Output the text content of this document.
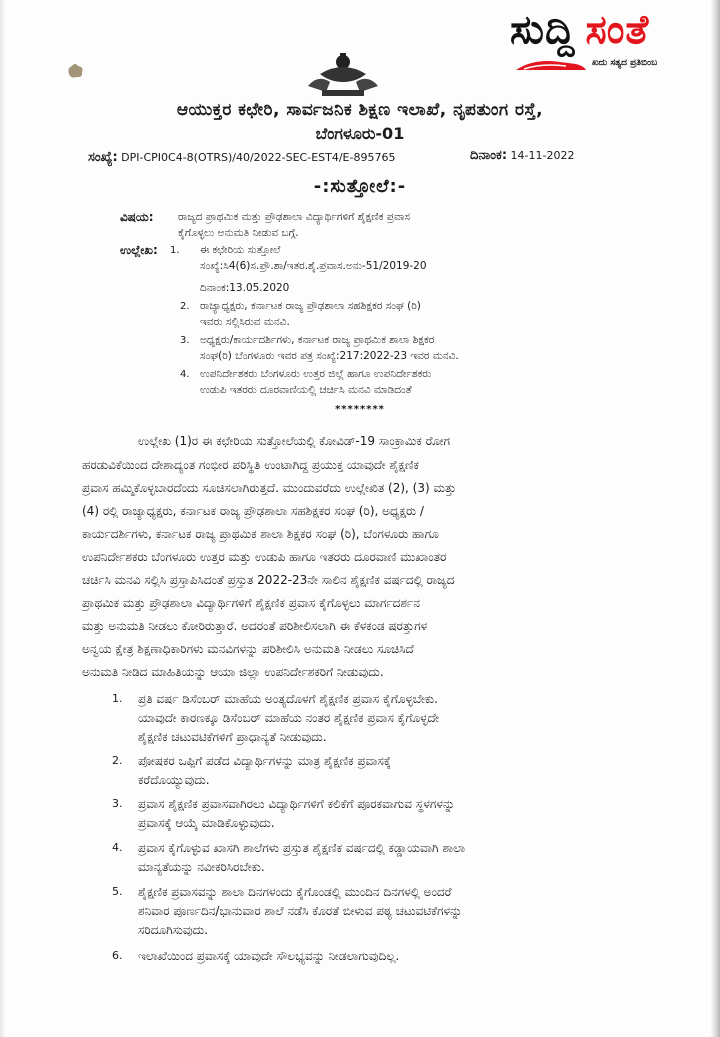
ಸುದ್ದಿ ಸಂತೆ
ಖದು ಸತ್ಯದ ಪ್ರತಿಬಿಂಬ
ಆಯುಕ್ತರ ಕಛೇರಿ, ಸಾರ್ವಜನಿಕ ಶಿಕ್ಷಣ ಇಲಾಖೆ, ನೃಪತುಂಗ ರಸ್ತೆ,
ಬೆಂಗಳೂರು-01
ಸಂಖ್ಯೆ: DPI-CPI0C4-8(OTRS)/40/2022-SEC-EST4/E-895765	ದಿನಾಂಕ: 14-11-2022
-:ಸುತ್ತೋಲೆ:-
ವಿಷಯ: ರಾಜ್ಯದ ಪ್ರಾಥಮಿಕ ಮತ್ತು ಪ್ರೌಢಶಾಲಾ ವಿದ್ಯಾರ್ಥಿಗಳಿಗೆ ಶೈಕ್ಷಣಿಕ ಪ್ರವಾಸ
ಕೈಗೊಳ್ಳಲು ಅನುಮತಿ ನೀಡುವ ಬಗ್ಗೆ.
ಉಲ್ಲೇಖ: 1. ಈ ಕಛೇರಿಯ ಸುತ್ತೋಲೆ
ಸಂಖ್ಯೆ:ಸಿ4(6)ಸ.ಪ್ರೌ.ಶಾ/ಇತರ.ಶೈ.ಪ್ರವಾಸ.ಅನು-51/2019-20
ದಿನಾಂಕ:13.05.2020
2. ರಾಜ್ಯಾಧ್ಯಕ್ಷರು, ಕರ್ನಾಟಕ ರಾಜ್ಯ ಪ್ರೌಢಶಾಲಾ ಸಹಶಿಕ್ಷಕರ ಸಂಘ (ರಿ)
ಇವರು ಸಲ್ಲಿಸಿರುವ ಮನವಿ.
3. ಅಧ್ಯಕ್ಷರು/ಕಾರ್ಯದರ್ಶಿಗಳು, ಕರ್ನಾಟಕ ರಾಜ್ಯ ಪ್ರಾಥಮಿಕ ಶಾಲಾ ಶಿಕ್ಷಕರ
ಸಂಘ(ರಿ) ಬೆಂಗಳೂರು ಇವರ ಪತ್ರ ಸಂಖ್ಯೆ:217:2022-23 ಇವರ ಮನವಿ.
4. ಉಪನಿರ್ದೇಶಕರು ಬೆಂಗಳೂರು ಉತ್ತರ ಜಿಲ್ಲೆ ಹಾಗೂ ಉಪನಿರ್ದೇಶಕರು
ಉಡುಪಿ ಇತರರು ದೂರವಾಣಿಯಲ್ಲಿ ಚರ್ಚಿಸಿ ಮನವಿ ಮಾಡಿದಂತೆ
********
ಉಲ್ಲೇಖ (1)ರ ಈ ಕಛೇರಿಯ ಸುತ್ತೋಲೆಯಲ್ಲಿ ಕೋವಿಡ್-19 ಸಾಂಕ್ರಾಮಿಕ ರೋಗ
ಹರಡುವಿಕೆಯಿಂದ ದೇಶಾದ್ಯಂತ ಗಂಭೀರ ಪರಿಸ್ಥಿತಿ ಉಂಟಾಗಿದ್ದ ಪ್ರಯುಕ್ತ ಯಾವುದೇ ಶೈಕ್ಷಣಿಕ
ಪ್ರವಾಸ ಹಮ್ಮಿಕೊಳ್ಳಬಾರದೆಂದು ಸೂಚಿಸಲಾಗಿರುತ್ತದೆ. ಮುಂದುವರೆದು ಉಲ್ಲೇಖಿತ (2), (3) ಮತ್ತು
(4) ರಲ್ಲಿ ರಾಜ್ಯಾಧ್ಯಕ್ಷರು, ಕರ್ನಾಟಕ ರಾಜ್ಯ ಪ್ರೌಢಶಾಲಾ ಸಹಶಿಕ್ಷಕರ ಸಂಘ (ರಿ), ಅಧ್ಯಕ್ಷರು /
ಕಾರ್ಯದರ್ಶಿಗಳು, ಕರ್ನಾಟಕ ರಾಜ್ಯ ಪ್ರಾಥಮಿಕ ಶಾಲಾ ಶಿಕ್ಷಕರ ಸಂಘ (ರಿ), ಬೆಂಗಳೂರು ಹಾಗೂ
ಉಪನಿರ್ದೇಶಕರು ಬೆಂಗಳೂರು ಉತ್ತರ ಮತ್ತು ಉಡುಪಿ ಹಾಗೂ ಇತರರು ದೂರವಾಣಿ ಮುಖಾಂತರ
ಚರ್ಚಿಸಿ ಮನವಿ ಸಲ್ಲಿಸಿ ಪ್ರಸ್ತಾಪಿಸಿದಂತೆ ಪ್ರಸ್ತುತ 2022-23ನೇ ಸಾಲಿನ ಶೈಕ್ಷಣಿಕ ವರ್ಷದಲ್ಲಿ ರಾಜ್ಯದ
ಪ್ರಾಥಮಿಕ ಮತ್ತು ಪ್ರೌಢಶಾಲಾ ವಿದ್ಯಾರ್ಥಿಗಳಿಗೆ ಶೈಕ್ಷಣಿಕ ಪ್ರವಾಸ ಕೈಗೊಳ್ಳಲು ಮಾರ್ಗದರ್ಶನ
ಮತ್ತು ಅನುಮತಿ ನೀಡಲು ಕೋರಿರುತ್ತಾರೆ. ಅದರಂತೆ ಪರಿಶೀಲಿಸಲಾಗಿ ಈ ಕೆಳಕಂಡ ಷರತ್ತುಗಳ
ಅನ್ವಯ ಕ್ಷೇತ್ರ ಶಿಕ್ಷಣಾಧಿಕಾರಿಗಳು ಮನವಿಗಳನ್ನು ಪರಿಶೀಲಿಸಿ ಅನುಮತಿ ನೀಡಲು ಸೂಚಿಸಿದೆ
ಅನುಮತಿ ನೀಡಿದ ಮಾಹಿತಿಯನ್ನು ಆಯಾ ಜಿಲ್ಲಾ ಉಪನಿರ್ದೇಶಕರಿಗೆ ನೀಡುವುದು.
1. ಪ್ರತಿ ವರ್ಷ ಡಿಸೆಂಬರ್ ಮಾಹೆಯ ಅಂತ್ಯದೊಳಗೆ ಶೈಕ್ಷಣಿಕ ಪ್ರವಾಸ ಕೈಗೊಳ್ಳಬೇಕು.
ಯಾವುದೇ ಕಾರಣಕ್ಕೂ ಡಿಸೆಂಬರ್ ಮಾಹೆಯ ನಂತರ ಶೈಕ್ಷಣಿಕ ಪ್ರವಾಸ ಕೈಗೊಳ್ಳದೇ
ಶೈಕ್ಷಣಿಕ ಚಟುವಟಿಕೆಗಳಿಗೆ ಪ್ರಾಧಾನ್ಯತೆ ನೀಡುವುದು.
2. ಪೋಷಕರ ಒಪ್ಪಿಗೆ ಪಡೆದ ವಿದ್ಯಾರ್ಥಿಗಳನ್ನು ಮಾತ್ರ ಶೈಕ್ಷಣಿಕ ಪ್ರವಾಸಕ್ಕೆ
ಕರೆದೊಯ್ಯುವುದು.
3. ಪ್ರವಾಸ ಶೈಕ್ಷಣಿಕ ಪ್ರವಾಸವಾಗಿರಲು ವಿದ್ಯಾರ್ಥಿಗಳಿಗೆ ಕಲಿಕೆಗೆ ಪೂರಕವಾಗುವ ಸ್ಥಳಗಳನ್ನು
ಪ್ರವಾಸಕ್ಕೆ ಆಯ್ಕೆ ಮಾಡಿಕೊಳ್ಳುವುದು.
4. ಪ್ರವಾಸ ಕೈಗೊಳ್ಳುವ ಖಾಸಗಿ ಶಾಲೆಗಳು ಪ್ರಸ್ತುತ ಶೈಕ್ಷಣಿಕ ವರ್ಷದಲ್ಲಿ ಕಡ್ಡಾಯವಾಗಿ ಶಾಲಾ
ಮಾನ್ಯತೆಯನ್ನು ನವೀಕರಿಸಿರಬೇಕು.
5. ಶೈಕ್ಷಣಿಕ ಪ್ರವಾಸವನ್ನು ಶಾಲಾ ದಿನಗಳಂದು ಕೈಗೊಂಡಲ್ಲಿ ಮುಂದಿನ ದಿನಗಳಲ್ಲಿ ಅಂದರೆ
ಶನಿವಾರ ಪೂರ್ಣದಿನ/ಭಾನುವಾರ ಶಾಲೆ ನಡೆಸಿ ಕೊರತೆ ಬೀಳುವ ಪಠ್ಯ ಚಟುವಟಿಕೆಗಳನ್ನು
ಸರಿದೂಗಿಸುವುದು.
6. ಇಲಾಖೆಯಿಂದ ಪ್ರವಾಸಕ್ಕೆ ಯಾವುದೇ ಸೌಲಭ್ಯವನ್ನು ನೀಡಲಾಗುವುದಿಲ್ಲ.
